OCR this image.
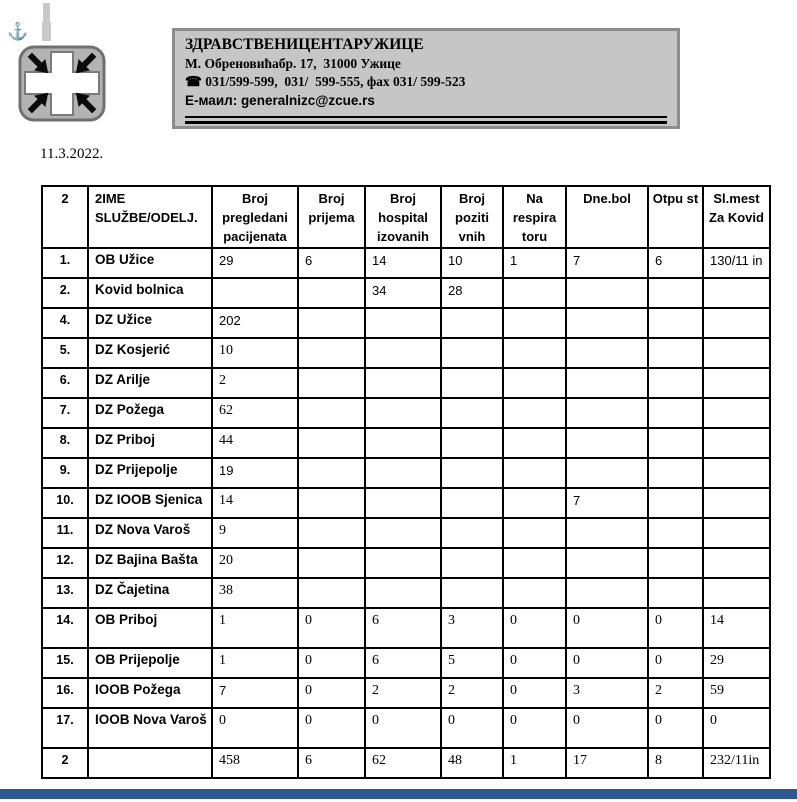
⚓
ЗДРАВСТВЕНИЦЕНТАРУЖИЦЕ
М. Обреновићабр. 17,  31000 Ужице
☎ 031/599-599,  031/  599-555, фах 031/ 599-523
Е-маил: generalnizc@zcue.rs
11.3.2022.
2	2IME SLUŽBE/ODELJ.	Broj pregledani pacijenata	Broj prijema	Broj hospital izovanih	Broj poziti vnih	Na respira toru	Dne.bol	Otpu st	Sl.mest Za Kovid
1.	OB Užice	29	6	14	10	1	7	6	130/11 in
2.	Kovid bolnica			34	28				
4.	DZ Užice	202							
5.	DZ Kosjerić	10							
6.	DZ Arilje	2							
7.	DZ Požega	62							
8.	DZ Priboj	44							
9.	DZ Prijepolje	19							
10.	DZ IOOB Sjenica	14					7		
11.	DZ Nova Varoš	9							
12.	DZ Bajina Bašta	20							
13.	DZ Čajetina	38							
14.	OB Priboj	1	0	6	3	0	0	0	14
15.	OB Prijepolje	1	0	6	5	0	0	0	29
16.	IOOB Požega	7	0	2	2	0	3	2	59
17.	IOOB Nova Varoš	0	0	0	0	0	0	0	0
2		458	6	62	48	1	17	8	232/11in
